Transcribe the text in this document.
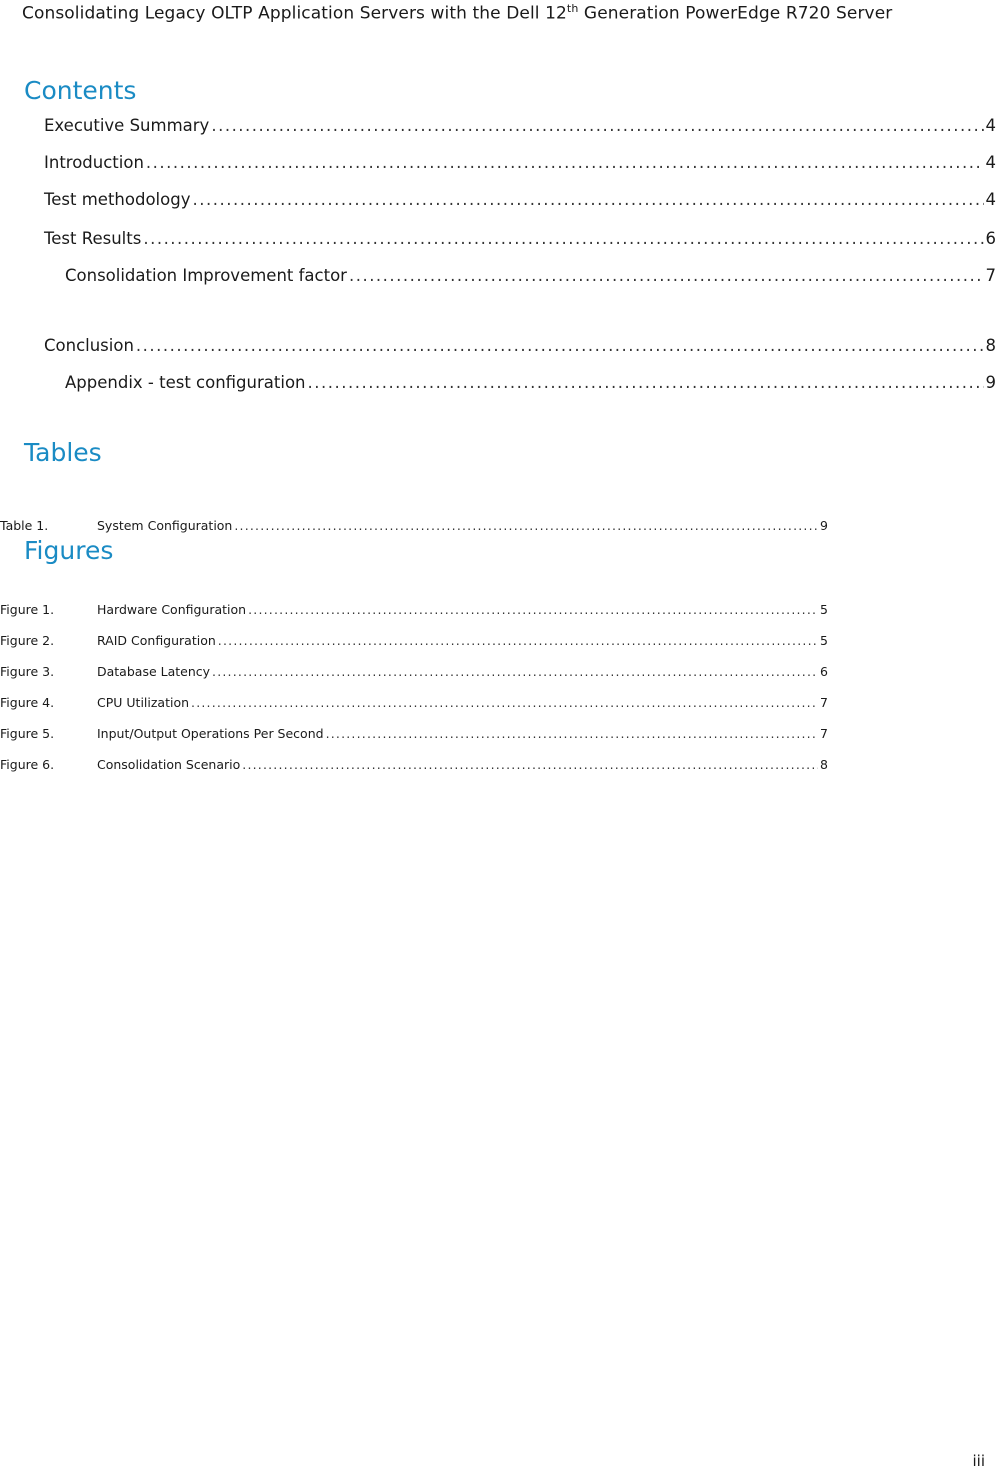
Consolidating Legacy OLTP Application Servers with the Dell 12th Generation PowerEdge R720 Server
Contents
Executive Summary .....	4
Introduction .....	4
Test methodology .....	4
Test Results .....	6
Consolidation Improvement factor .....	7
Conclusion .....	8
Appendix - test configuration .....	9
Tables
Table 1.	System Configuration .....	9
Figures
Figure 1.	Hardware Configuration .....	5
Figure 2.	RAID Configuration .....	5
Figure 3.	Database Latency .....	6
Figure 4.	CPU Utilization .....	7
Figure 5.	Input/Output Operations Per Second .....	7
Figure 6.	Consolidation Scenario .....	8
iii
